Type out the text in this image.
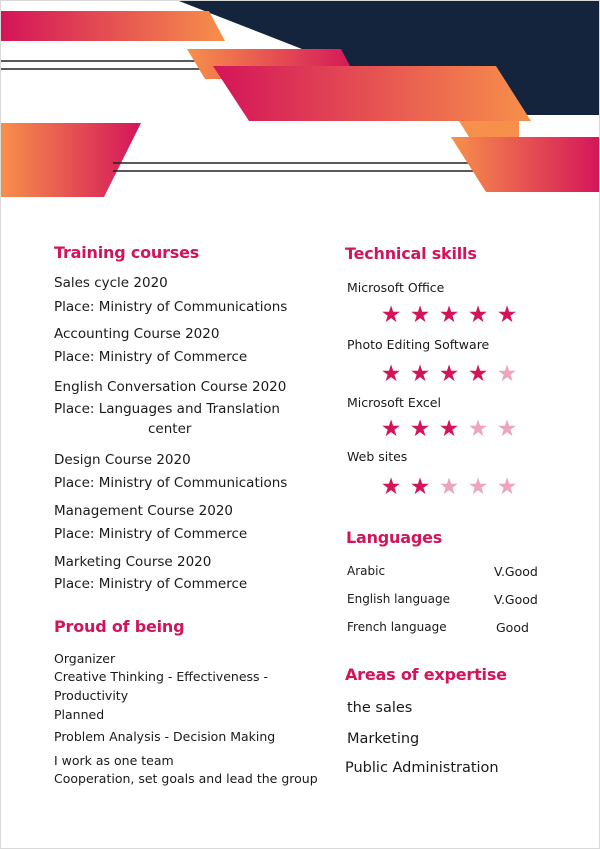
Training courses
Sales cycle 2020
Place: Ministry of Communications
Accounting Course 2020
Place: Ministry of Commerce
English Conversation Course 2020
Place: Languages and Translation
center
Design Course 2020
Place: Ministry of Communications
Management Course 2020
Place: Ministry of Commerce
Marketing Course 2020
Place: Ministry of Commerce
Proud of being
Organizer
Creative Thinking - Effectiveness -
Productivity
Planned
Problem Analysis - Decision Making
I work as one team
Cooperation, set goals and lead the group
Technical skills
Microsoft Office
★ ★ ★ ★ ★
Photo Editing Software
★ ★ ★ ★ ★
Microsoft Excel
★ ★ ★ ★ ★
Web sites
★ ★ ★ ★ ★
Languages
Arabic	V.Good
English language	V.Good
French language	Good
Areas of expertise
the sales
Marketing
Public Administration
